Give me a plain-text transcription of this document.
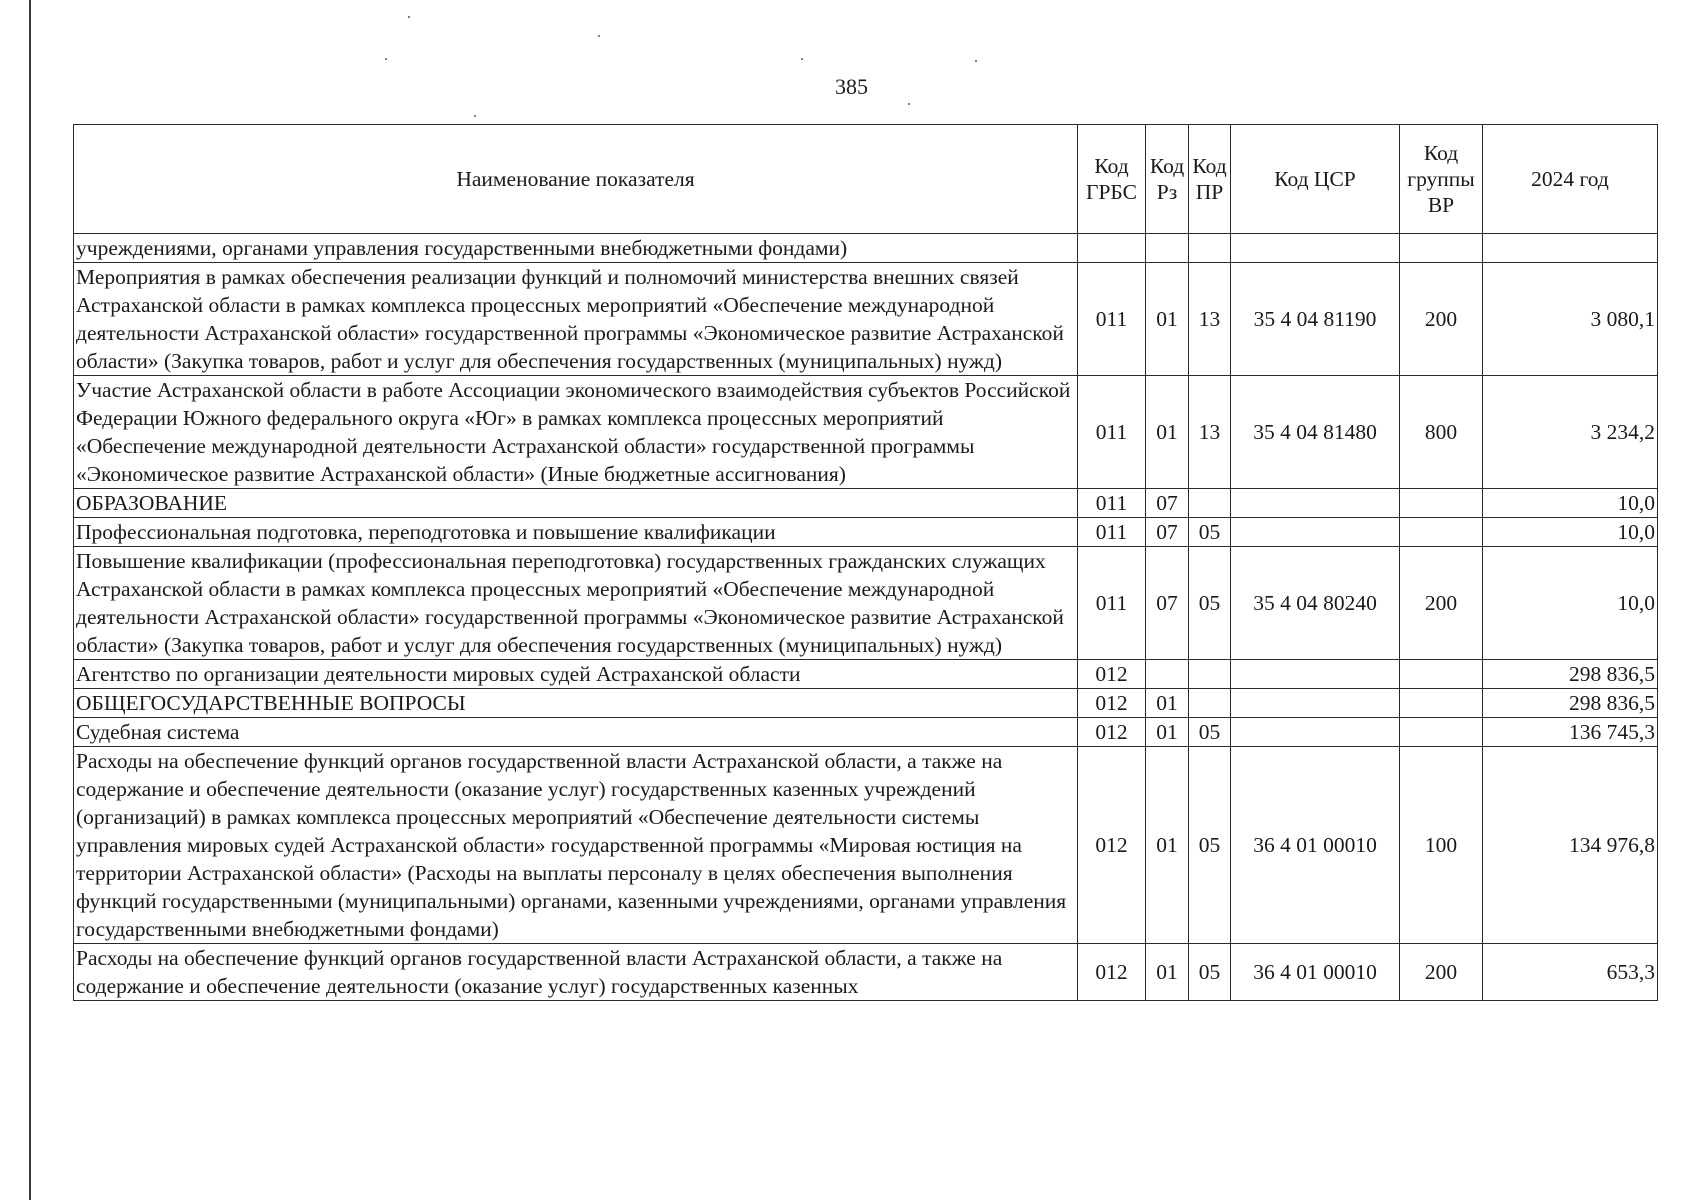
385
Наименование показателя	Код ГРБС	Код Рз	Код ПР	Код ЦСР	Код группы ВР	2024 год
учреждениями, органами управления государственными внебюджетными фондами)						
Мероприятия в рамках обеспечения реализации функций и полномочий министерства внешних связей Астраханской области в рамках комплекса процессных мероприятий «Обеспечение международной деятельности Астраханской области» государственной программы «Экономическое развитие Астраханской области» (Закупка товаров, работ и услуг для обеспечения государственных (муниципальных) нужд)	011	01	13	35 4 04 81190	200	3 080,1
Участие Астраханской области в работе Ассоциации экономического взаимодействия субъектов Российской Федерации Южного федерального округа «Юг» в рамках комплекса процессных мероприятий «Обеспечение международной деятельности Астраханской области» государственной программы «Экономическое развитие Астраханской области» (Иные бюджетные ассигнования)	011	01	13	35 4 04 81480	800	3 234,2
ОБРАЗОВАНИЕ	011	07				10,0
Профессиональная подготовка, переподготовка и повышение квалификации	011	07	05			10,0
Повышение квалификации (профессиональная переподготовка) государственных гражданских служащих Астраханской области в рамках комплекса процессных мероприятий «Обеспечение международной деятельности Астраханской области» государственной программы «Экономическое развитие Астраханской области» (Закупка товаров, работ и услуг для обеспечения государственных (муниципальных) нужд)	011	07	05	35 4 04 80240	200	10,0
Агентство по организации деятельности мировых судей Астраханской области	012					298 836,5
ОБЩЕГОСУДАРСТВЕННЫЕ ВОПРОСЫ	012	01				298 836,5
Судебная система	012	01	05			136 745,3
Расходы на обеспечение функций органов государственной власти Астраханской области, а также на содержание и обеспечение деятельности (оказание услуг) государственных казенных учреждений (организаций) в рамках комплекса процессных мероприятий «Обеспечение деятельности системы управления мировых судей Астраханской области» государственной программы «Мировая юстиция на территории Астраханской области» (Расходы на выплаты персоналу в целях обеспечения выполнения функций государственными (муниципальными) органами, казенными учреждениями, органами управления государственными внебюджетными фондами)	012	01	05	36 4 01 00010	100	134 976,8
Расходы на обеспечение функций органов государственной власти Астраханской области, а также на содержание и обеспечение деятельности (оказание услуг) государственных казенных	012	01	05	36 4 01 00010	200	653,3
